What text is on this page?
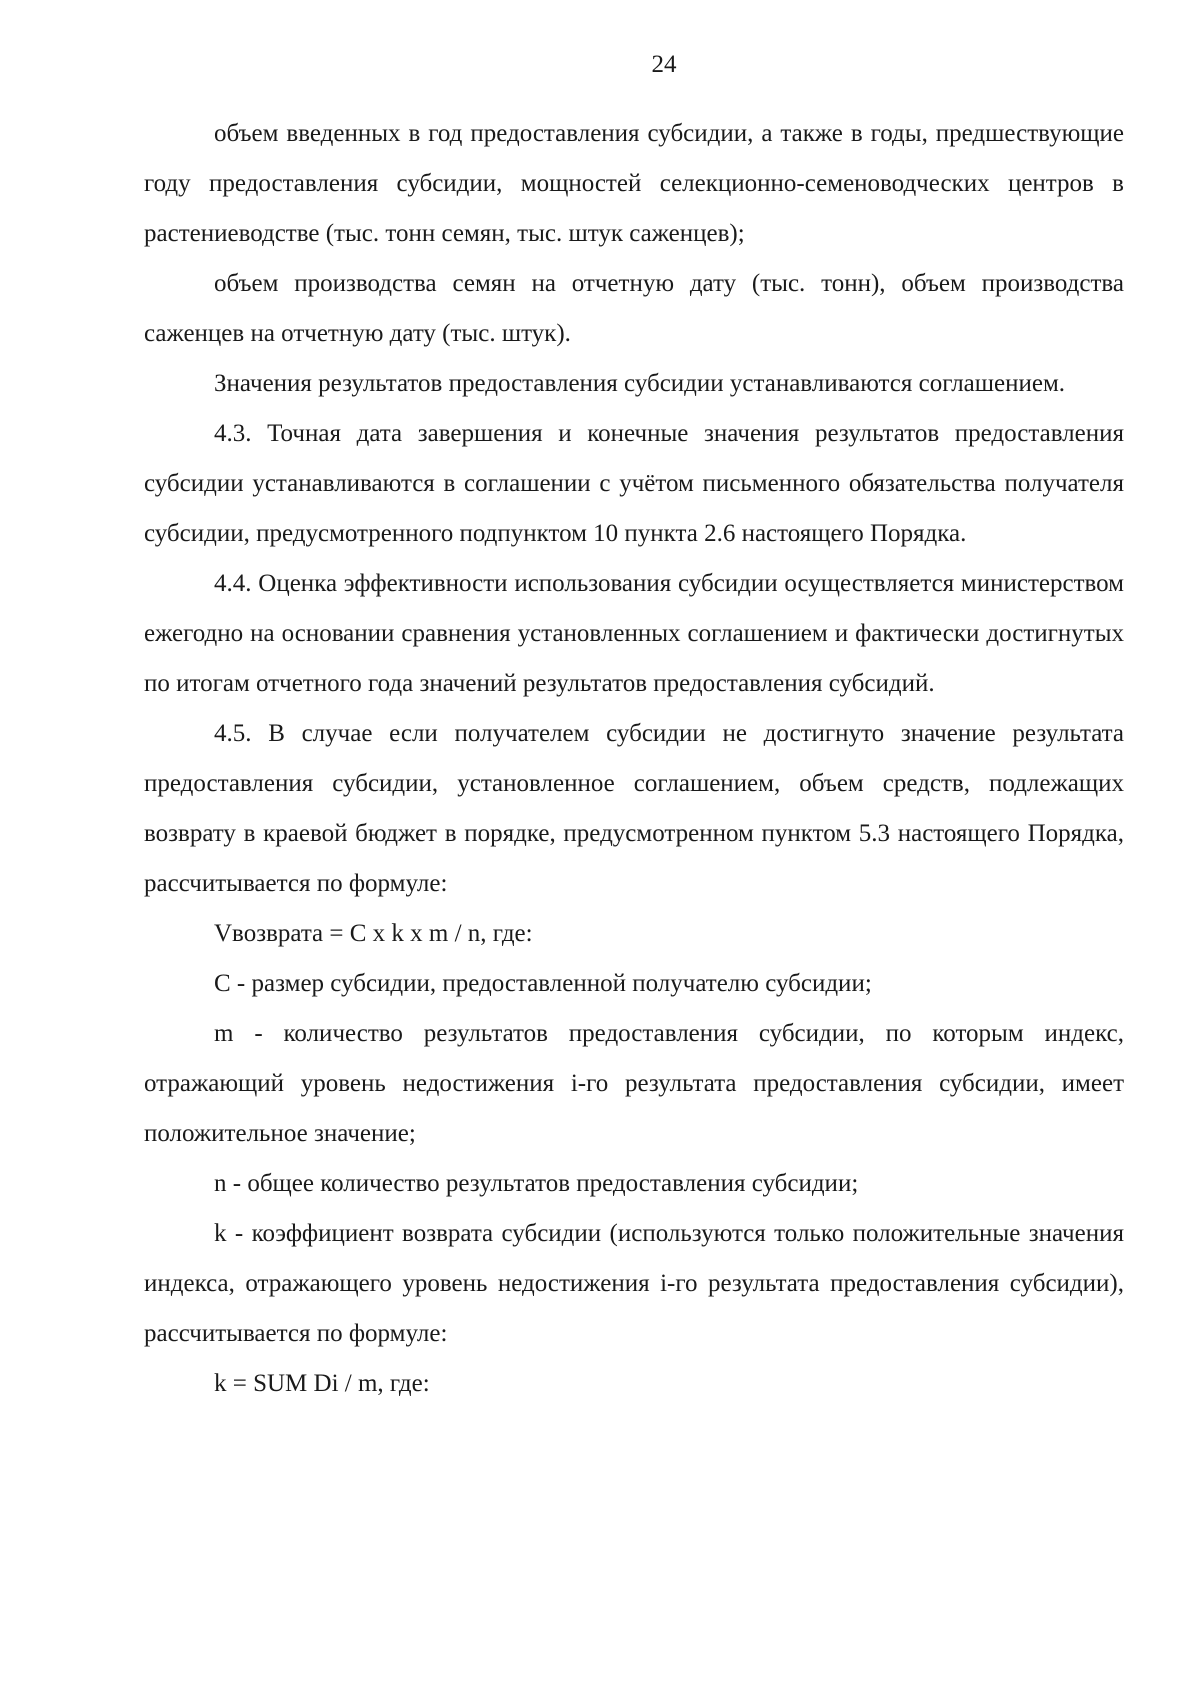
24

объем введенных в год предоставления субсидии, а также в годы, предшествующие году предоставления субсидии, мощностей селекционно-семеноводческих центров в растениеводстве (тыс. тонн семян, тыс. штук саженцев);

объем производства семян на отчетную дату (тыс. тонн), объем производства саженцев на отчетную дату (тыс. штук).

Значения результатов предоставления субсидии устанавливаются соглашением.

4.3. Точная дата завершения и конечные значения результатов предоставления субсидии устанавливаются в соглашении с учётом письменного обязательства получателя субсидии, предусмотренного подпунктом 10 пункта 2.6 настоящего Порядка.

4.4. Оценка эффективности использования субсидии осуществляется министерством ежегодно на основании сравнения установленных соглашением и фактически достигнутых по итогам отчетного года значений результатов предоставления субсидий.

4.5. В случае если получателем субсидии не достигнуто значение результата предоставления субсидии, установленное соглашением, объем средств, подлежащих возврату в краевой бюджет в порядке, предусмотренном пунктом 5.3 настоящего Порядка, рассчитывается по формуле:

Vвозврата = C x k x m / n, где:

C - размер субсидии, предоставленной получателю субсидии;

m - количество результатов предоставления субсидии, по которым индекс, отражающий уровень недостижения i-го результата предоставления субсидии, имеет положительное значение;

n - общее количество результатов предоставления субсидии;

k - коэффициент возврата субсидии (используются только положительные значения индекса, отражающего уровень недостижения i-го результата предоставления субсидии), рассчитывается по формуле:

k = SUM Di / m, где:
